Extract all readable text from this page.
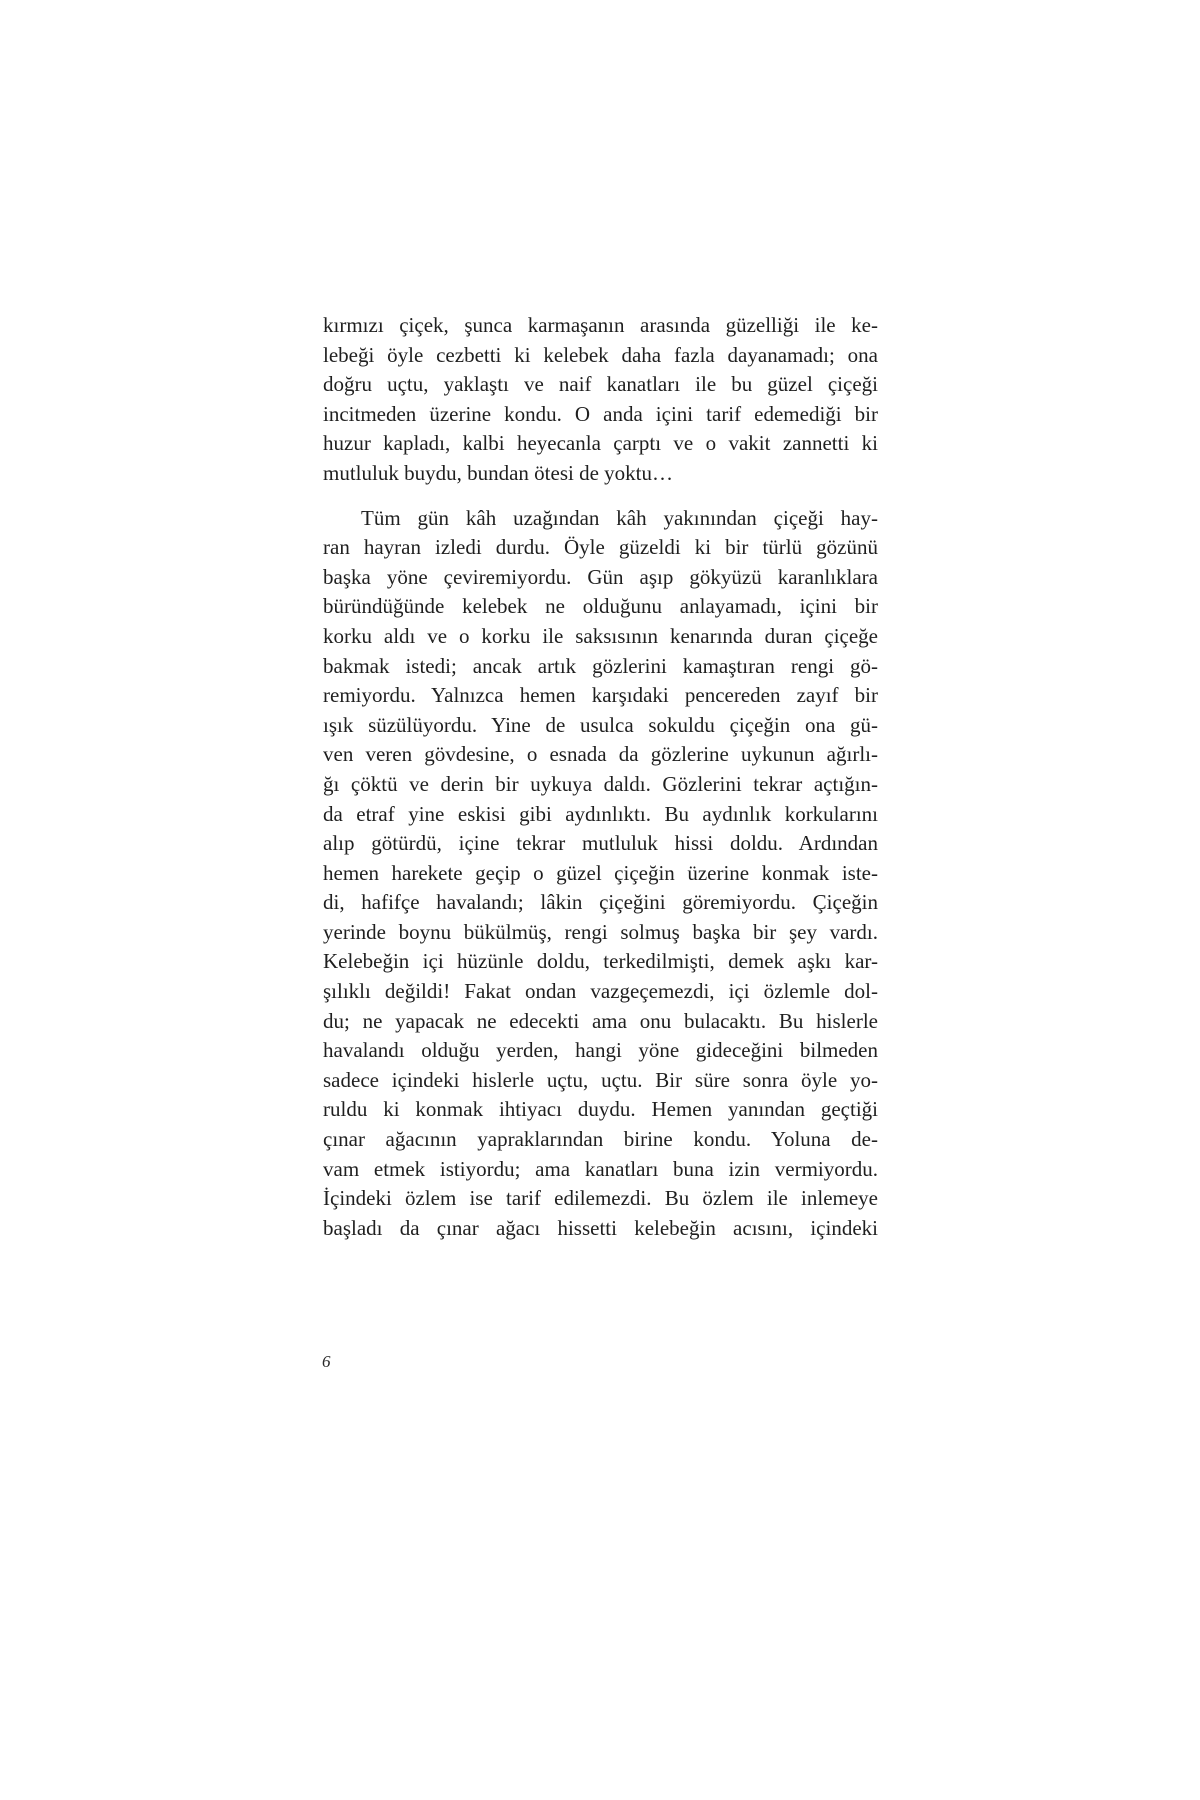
kırmızı çiçek, şunca karmaşanın arasında güzelliği ile ke-
lebeği öyle cezbetti ki kelebek daha fazla dayanamadı; ona
doğru uçtu, yaklaştı ve naif kanatları ile bu güzel çiçeği
incitmeden üzerine kondu. O anda içini tarif edemediği bir
huzur kapladı, kalbi heyecanla çarptı ve o vakit zannetti ki
mutluluk buydu, bundan ötesi de yoktu…
Tüm gün kâh uzağından kâh yakınından çiçeği hay-
ran hayran izledi durdu. Öyle güzeldi ki bir türlü gözünü
başka yöne çeviremiyordu. Gün aşıp gökyüzü karanlıklara
büründüğünde kelebek ne olduğunu anlayamadı, içini bir
korku aldı ve o korku ile saksısının kenarında duran çiçeğe
bakmak istedi; ancak artık gözlerini kamaştıran rengi gö-
remiyordu. Yalnızca hemen karşıdaki pencereden zayıf bir
ışık süzülüyordu. Yine de usulca sokuldu çiçeğin ona gü-
ven veren gövdesine, o esnada da gözlerine uykunun ağırlı-
ğı çöktü ve derin bir uykuya daldı. Gözlerini tekrar açtığın-
da etraf yine eskisi gibi aydınlıktı. Bu aydınlık korkularını
alıp götürdü, içine tekrar mutluluk hissi doldu. Ardından
hemen harekete geçip o güzel çiçeğin üzerine konmak iste-
di, hafifçe havalandı; lâkin çiçeğini göremiyordu. Çiçeğin
yerinde boynu bükülmüş, rengi solmuş başka bir şey vardı.
Kelebeğin içi hüzünle doldu, terkedilmişti, demek aşkı kar-
şılıklı değildi! Fakat ondan vazgeçemezdi, içi özlemle dol-
du; ne yapacak ne edecekti ama onu bulacaktı. Bu hislerle
havalandı olduğu yerden, hangi yöne gideceğini bilmeden
sadece içindeki hislerle uçtu, uçtu. Bir süre sonra öyle yo-
ruldu ki konmak ihtiyacı duydu. Hemen yanından geçtiği
çınar ağacının yapraklarından birine kondu. Yoluna de-
vam etmek istiyordu; ama kanatları buna izin vermiyordu.
İçindeki özlem ise tarif edilemezdi. Bu özlem ile inlemeye
başladı da çınar ağacı hissetti kelebeğin acısını, içindeki
6
